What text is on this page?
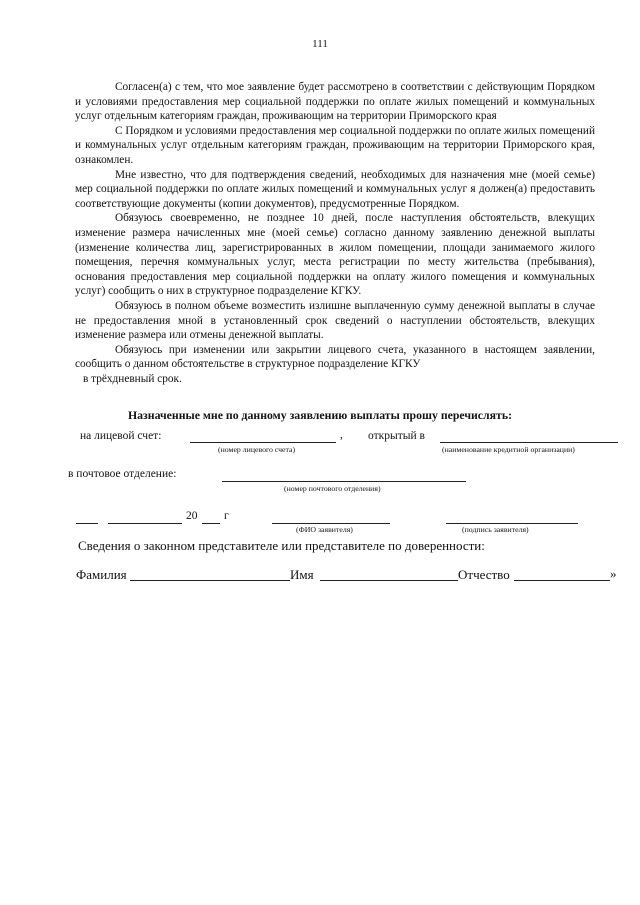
111

Согласен(а) с тем, что мое заявление будет рассмотрено в соответствии с действующим Порядком и условиями предоставления мер социальной поддержки по оплате жилых помещений и коммунальных услуг отдельным категориям граждан, проживающим на территории Приморского края

С Порядком и условиями предоставления мер социальной поддержки по оплате жилых помещений и коммунальных услуг отдельным категориям граждан, проживающим на территории Приморского края, ознакомлен.

Мне известно, что для подтверждения сведений, необходимых для назначения мне (моей семье) мер социальной поддержки по оплате жилых помещений и коммунальных услуг я должен(а) предоставить соответствующие документы (копии документов), предусмотренные Порядком.

Обязуюсь своевременно, не позднее 10 дней, после наступления обстоятельств, влекущих изменение размера начисленных мне (моей семье) согласно данному заявлению денежной выплаты (изменение количества лиц, зарегистрированных в жилом помещении, площади занимаемого жилого помещения, перечня коммунальных услуг, места регистрации по месту жительства (пребывания), основания предоставления мер социальной поддержки на оплату жилого помещения и коммунальных услуг) сообщить о них в структурное подразделение КГКУ.

Обязуюсь в полном объеме возместить излишне выплаченную сумму денежной выплаты в случае не предоставления мной в установленный срок сведений о наступлении обстоятельств, влекущих изменение размера или отмены денежной выплаты.

Обязуюсь при изменении или закрытии лицевого счета, указанного в настоящем заявлении, сообщить о данном обстоятельстве в структурное подразделение КГКУ

в трёхдневный срок.

Назначенные мне по данному заявлению выплаты прошу перечислять:
на лицевой счет:	, открытый в
(номер лицевого счета)	(наименование кредитной организации)
в почтовое отделение:
(номер почтового отделения)
20 г
(ФИО заявителя)	(подпись заявителя)
Сведения о законном представителе или представителе по доверенности:
Фамилия	Имя	Отчество	»
